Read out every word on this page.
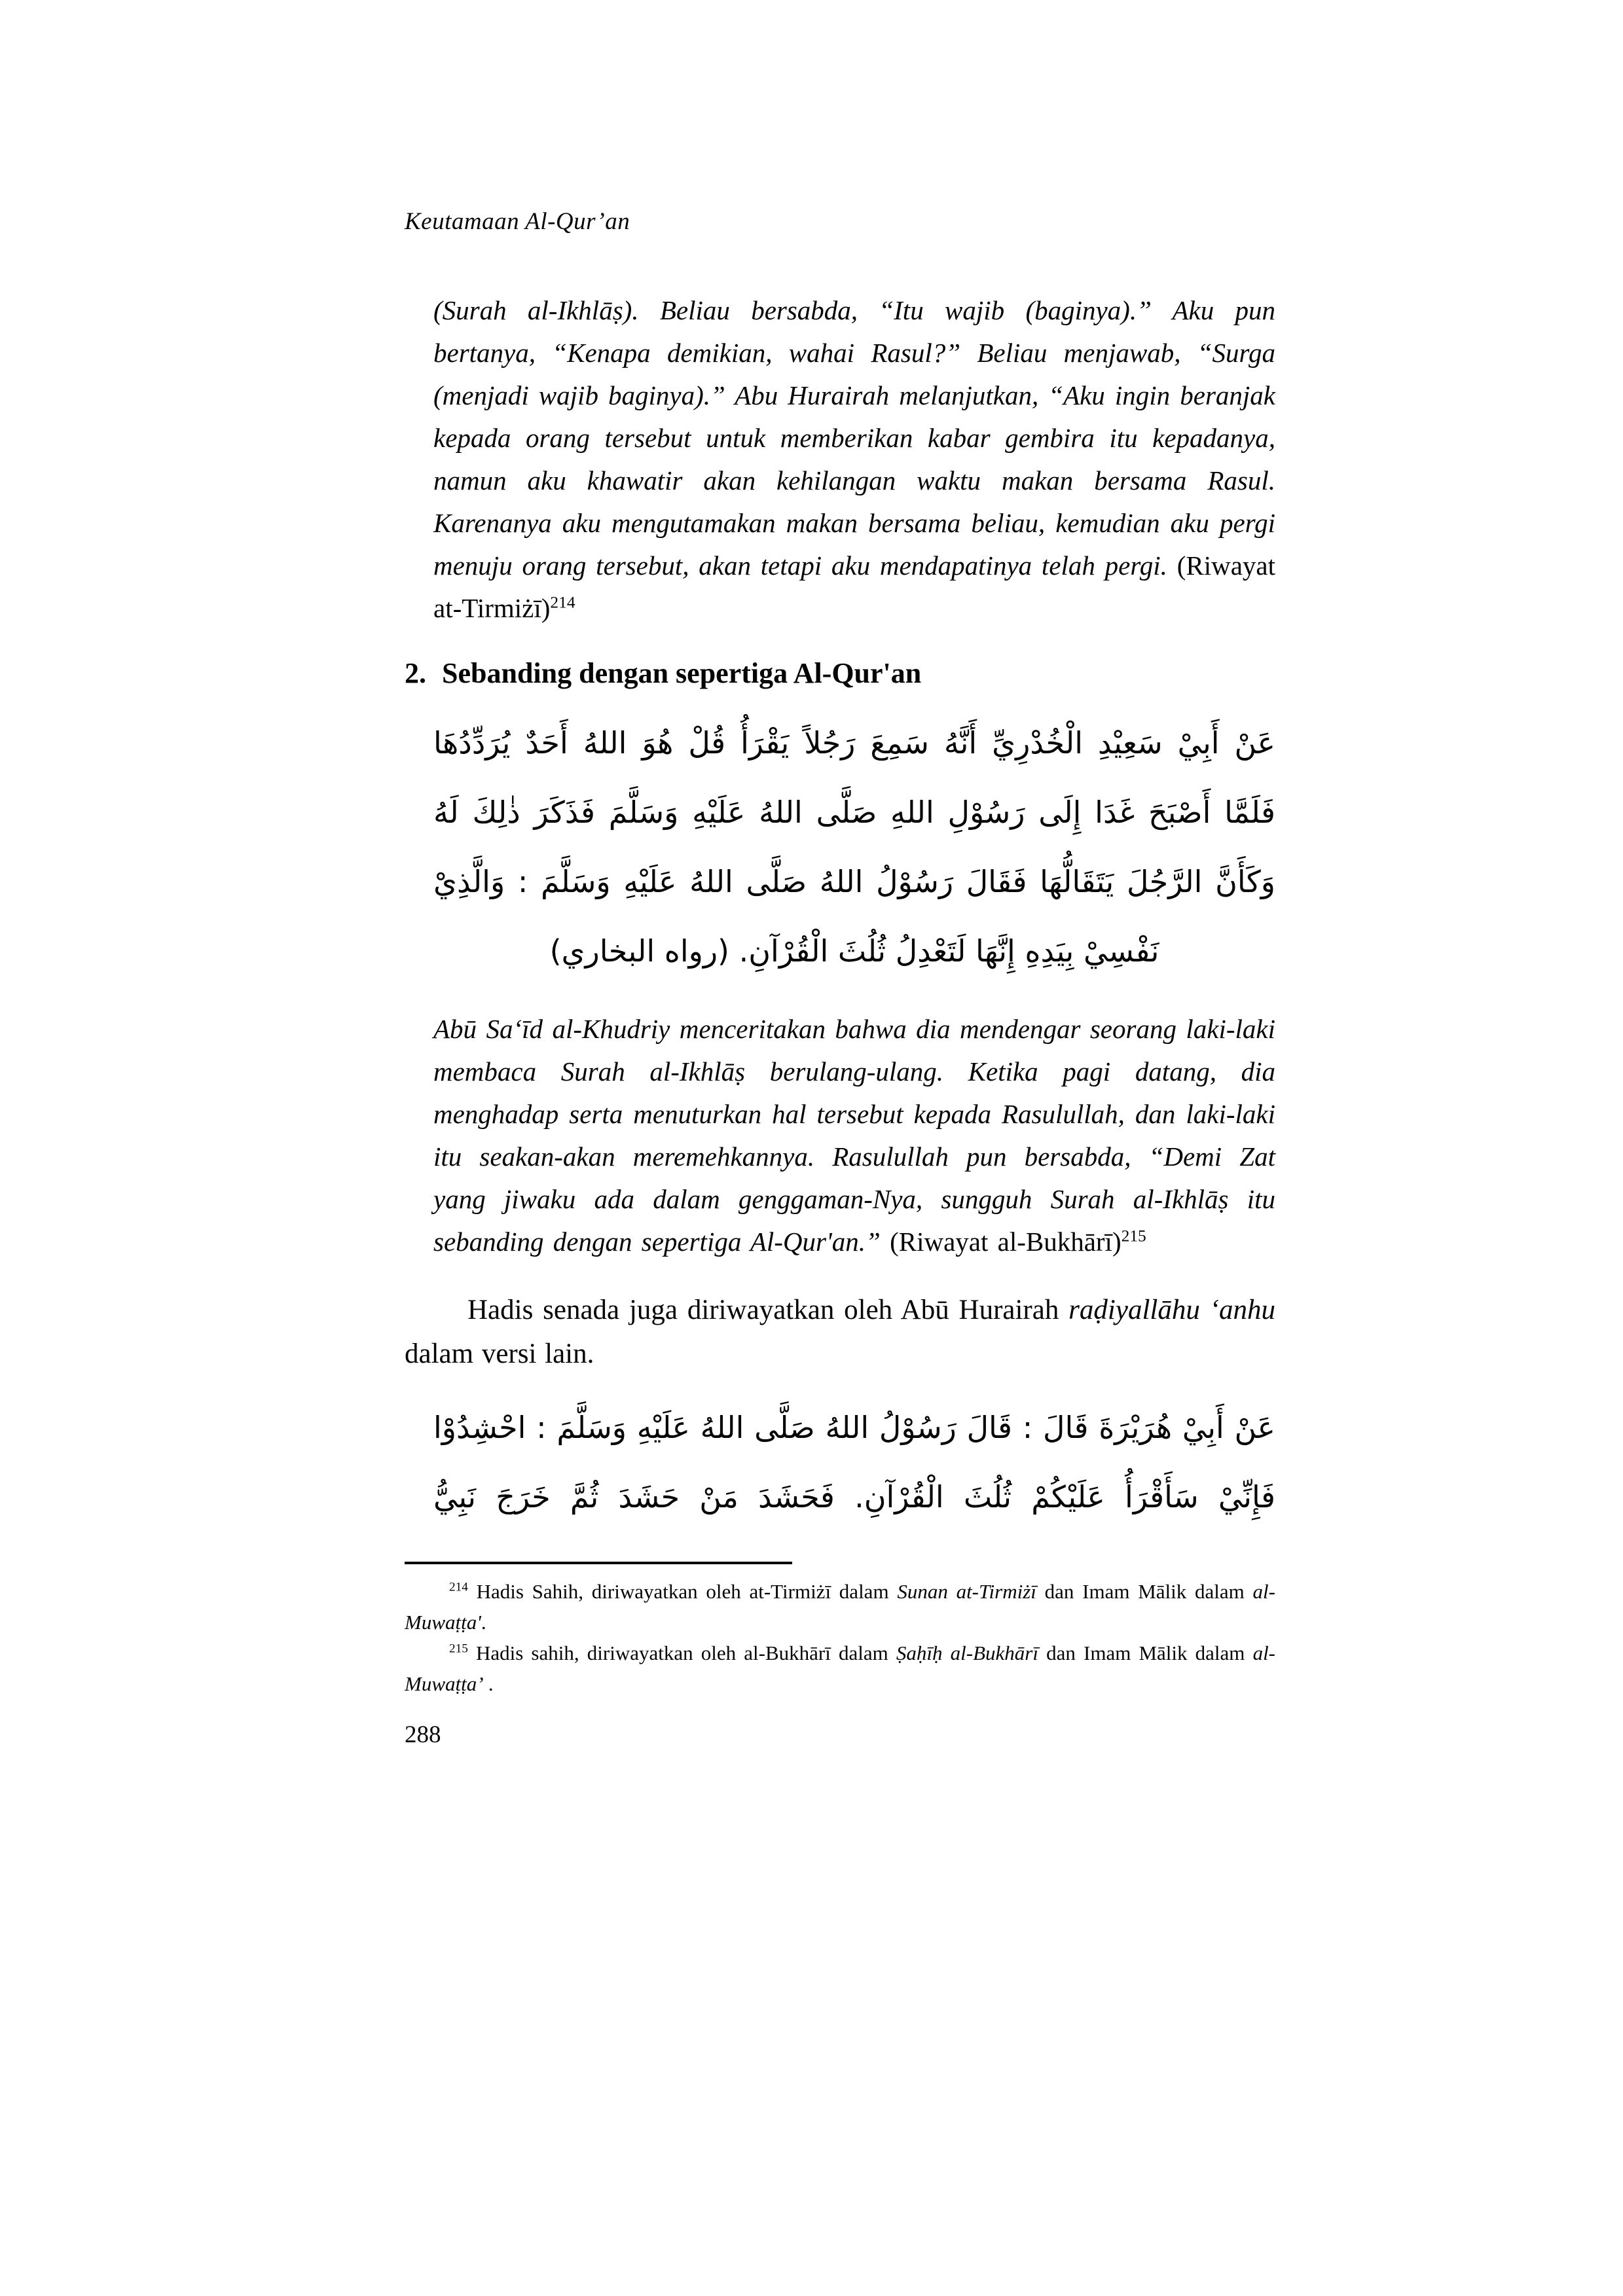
Keutamaan Al-Qur’an

(Surah al-Ikhlāṣ). Beliau bersabda, “Itu wajib (baginya).” Aku pun bertanya, “Kenapa demikian, wahai Rasul?” Beliau menjawab, “Surga (menjadi wajib baginya).” Abu Hurairah melanjutkan, “Aku ingin beranjak kepada orang tersebut untuk memberikan kabar gembira itu kepadanya, namun aku khawatir akan kehilangan waktu makan bersama Rasul. Karenanya aku mengutamakan makan bersama beliau, kemudian aku pergi menuju orang tersebut, akan tetapi aku mendapatinya telah pergi. (Riwayat at-Tirmiżī)$^{214}$

2. Sebanding dengan sepertiga Al-Qur'an
عَنْ أَبِيْ سَعِيْدِ الْخُدْرِيِّ أَنَّهُ سَمِعَ رَجُلاً يَقْرَأُ قُلْ هُوَ اللهُ أَحَدٌ يُرَدِّدُهَا
فَلَمَّا أَصْبَحَ غَدَا إِلَى رَسُوْلِ اللهِ صَلَّى اللهُ عَلَيْهِ وَسَلَّمَ فَذَكَرَ ذٰلِكَ لَهُ
وَكَأَنَّ الرَّجُلَ يَتَقَالُّهَا فَقَالَ رَسُوْلُ اللهُ صَلَّى اللهُ عَلَيْهِ وَسَلَّمَ : وَالَّذِيْ
نَفْسِيْ بِيَدِهِ إِنَّهَا لَتَعْدِلُ ثُلُثَ الْقُرْآنِ. (رواه البخاري)

Abū Sa‘īd al-Khudriy menceritakan bahwa dia mendengar seorang laki-laki membaca Surah al-Ikhlāṣ berulang-ulang. Ketika pagi datang, dia menghadap serta menuturkan hal tersebut kepada Rasulullah, dan laki-laki itu seakan-akan meremehkannya. Rasulullah pun bersabda, “Demi Zat yang jiwaku ada dalam genggaman-Nya, sungguh Surah al-Ikhlāṣ itu sebanding dengan sepertiga Al-Qur'an.” (Riwayat al-Bukhārī)$^{215}$

Hadis senada juga diriwayatkan oleh Abū Hurairah raḍiyallāhu ‘anhu dalam versi lain.

عَنْ أَبِيْ هُرَيْرَةَ قَالَ : قَالَ رَسُوْلُ اللهُ صَلَّى اللهُ عَلَيْهِ وَسَلَّمَ : احْشِدُوْا
فَإِنِّيْ سَأَقْرَأُ عَلَيْكُمْ ثُلُثَ الْقُرْآنِ. فَحَشَدَ مَنْ حَشَدَ ثُمَّ خَرَجَ نَبِيُّ

$^{214}$ Hadis Sahih, diriwayatkan oleh at-Tirmiżī dalam Sunan at-Tirmiżī dan Imam Mālik dalam al-Muwaṭṭa'.

$^{215}$ Hadis sahih, diriwayatkan oleh al-Bukhārī dalam Ṣaḥīḥ al-Bukhārī dan Imam Mālik dalam al-Muwaṭṭa’ .

288
